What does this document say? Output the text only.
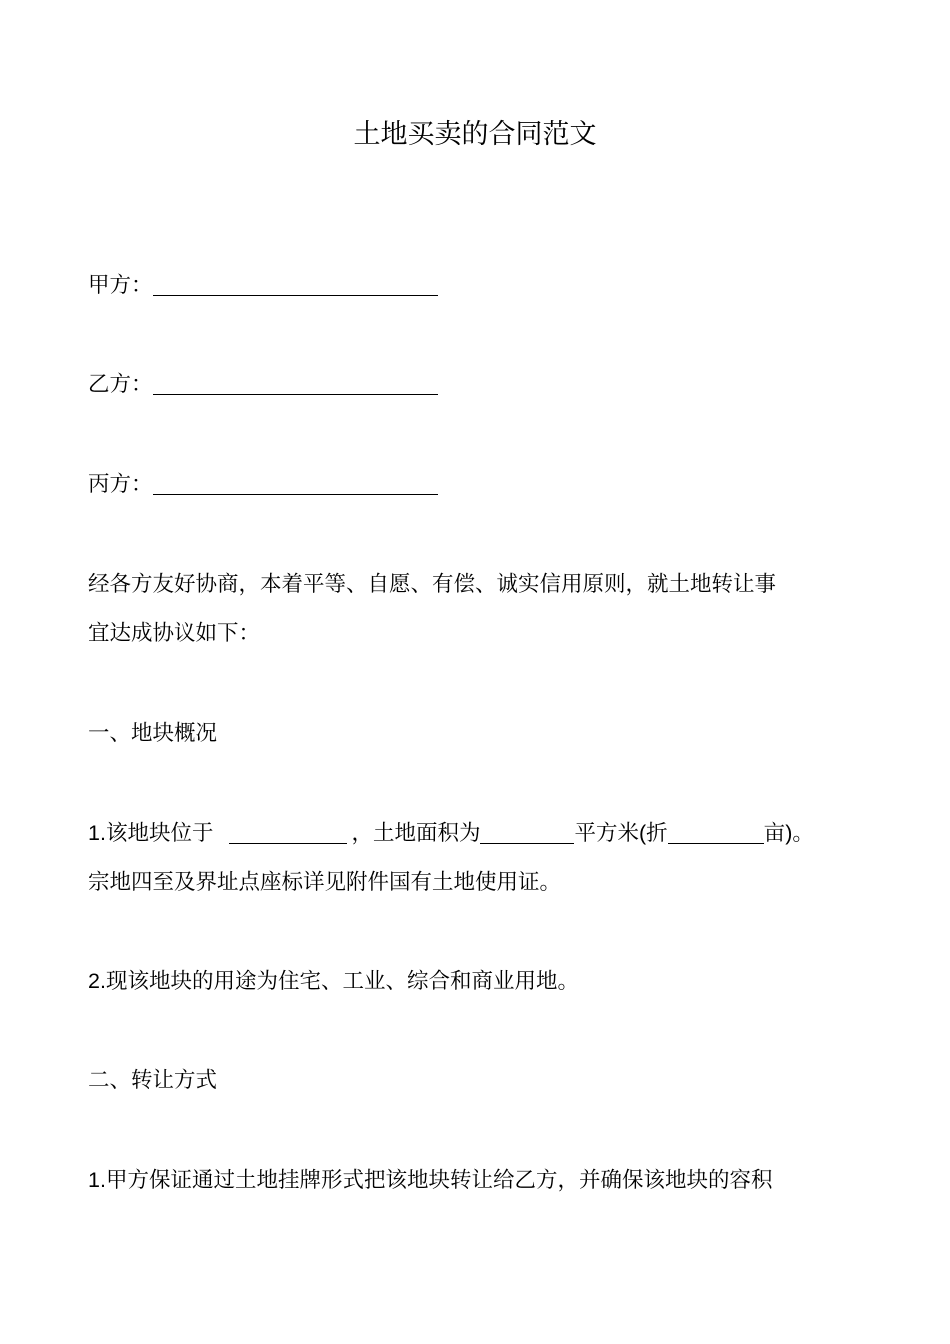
土地买卖的合同范文
甲方：
乙方：
丙方：
经各方友好协商，本着平等、自愿、有偿、诚实信用原则，就土地转让事
宜达成协议如下：
一、地块概况
1.该地块位于	，土地面积为	平方米(折	亩)。
宗地四至及界址点座标详见附件国有土地使用证。
2.现该地块的用途为住宅、工业、综合和商业用地。
二、转让方式
1.甲方保证通过土地挂牌形式把该地块转让给乙方，并确保该地块的容积
